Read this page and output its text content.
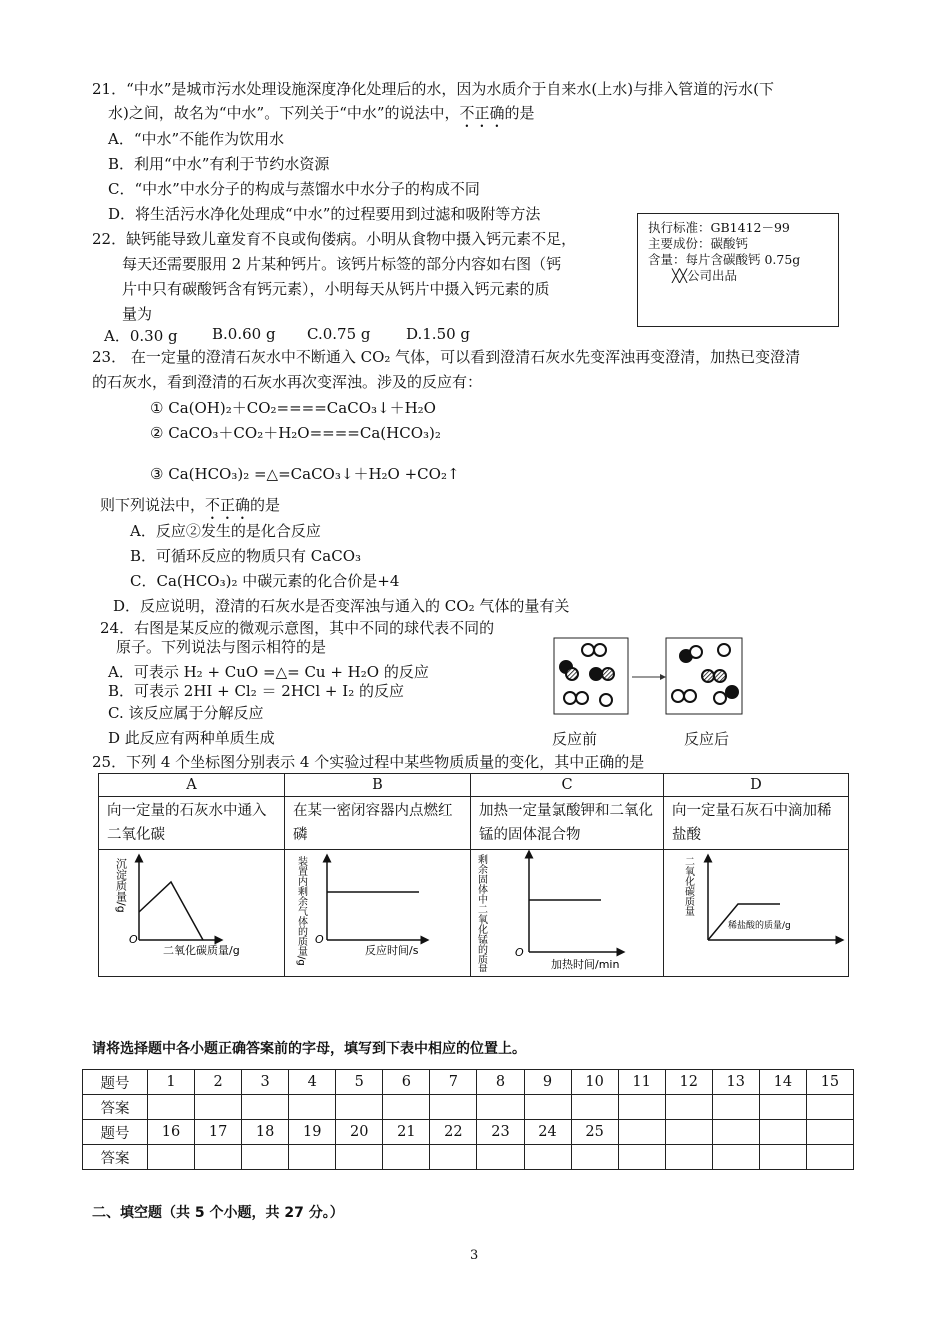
21．“中水”是城市污水处理设施深度净化处理后的水，因为水质介于自来水(上水)与排入管道的污水(下
水)之间，故名为“中水”。下列关于“中水”的说法中，不正确的是
A．“中水”不能作为饮用水
B．利用“中水”有利于节约水资源
C．“中水”中水分子的构成与蒸馏水中水分子的构成不同
D．将生活污水净化处理成“中水”的过程要用到过滤和吸附等方法
22．缺钙能导致儿童发育不良或佝偻病。小明从食物中摄入钙元素不足，
每天还需要服用 2 片某种钙片。该钙片标签的部分内容如右图（钙
片中只有碳酸钙含有钙元素），小明每天从钙片中摄入钙元素的质
量为
A．0.30 g B.0.60 g C.0.75 g D.1.50 g
执行标准：GB1412－99
主要成份：碳酸钙
含量：每片含碳酸钙 0.75g
╳╳公司出品
23． 在一定量的澄清石灰水中不断通入 CO₂ 气体，可以看到澄清石灰水先变浑浊再变澄清，加热已变澄清
的石灰水，看到澄清的石灰水再次变浑浊。涉及的反应有：
① Ca(OH)₂＋CO₂====CaCO₃↓＋H₂O
② CaCO₃＋CO₂＋H₂O====Ca(HCO₃)₂
③ Ca(HCO₃)₂ =△=CaCO₃↓＋H₂O +CO₂↑
则下列说法中，不正确的是
A．反应②发生的是化合反应
B．可循环反应的物质只有 CaCO₃
C．Ca(HCO₃)₂ 中碳元素的化合价是+4
D．反应说明，澄清的石灰水是否变浑浊与通入的 CO₂ 气体的量有关
24．右图是某反应的微观示意图，其中不同的球代表不同的
原子。下列说法与图示相符的是
A．可表示 H₂ + CuO =△= Cu + H₂O 的反应
B．可表示 2HI + Cl₂ ＝ 2HCl + I₂ 的反应
C. 该反应属于分解反应
D 此反应有两种单质生成	反应前	反应后
25．下列 4 个坐标图分别表示 4 个实验过程中某些物质质量的变化，其中正确的是
A	B	C	D

向一定量的石灰水中通入二氧化碳	在某一密闭容器内点燃红磷	加热一定量氯酸钾和二氧化锰的固体混合物	向一定量石灰石中滴加稀盐酸

沉淀质量/g
O
二氧化碳质量/g	装置内剩余气体的质量/g O
反应时间/s	剩余固体中二氧化锰的质量分数 O
加热时间/min	二氧化碳质量
稀盐酸的质量/g
请将选择题中各小题正确答案前的字母，填写到下表中相应的位置上。
题号	1	2	3	4	5	6	7	8	9	10	11	12	13	14	15
答案															
题号	16	17	18	19	20	21	22	23	24	25					
答案															
二、填空题（共 5 个小题，共 27 分。）
3
